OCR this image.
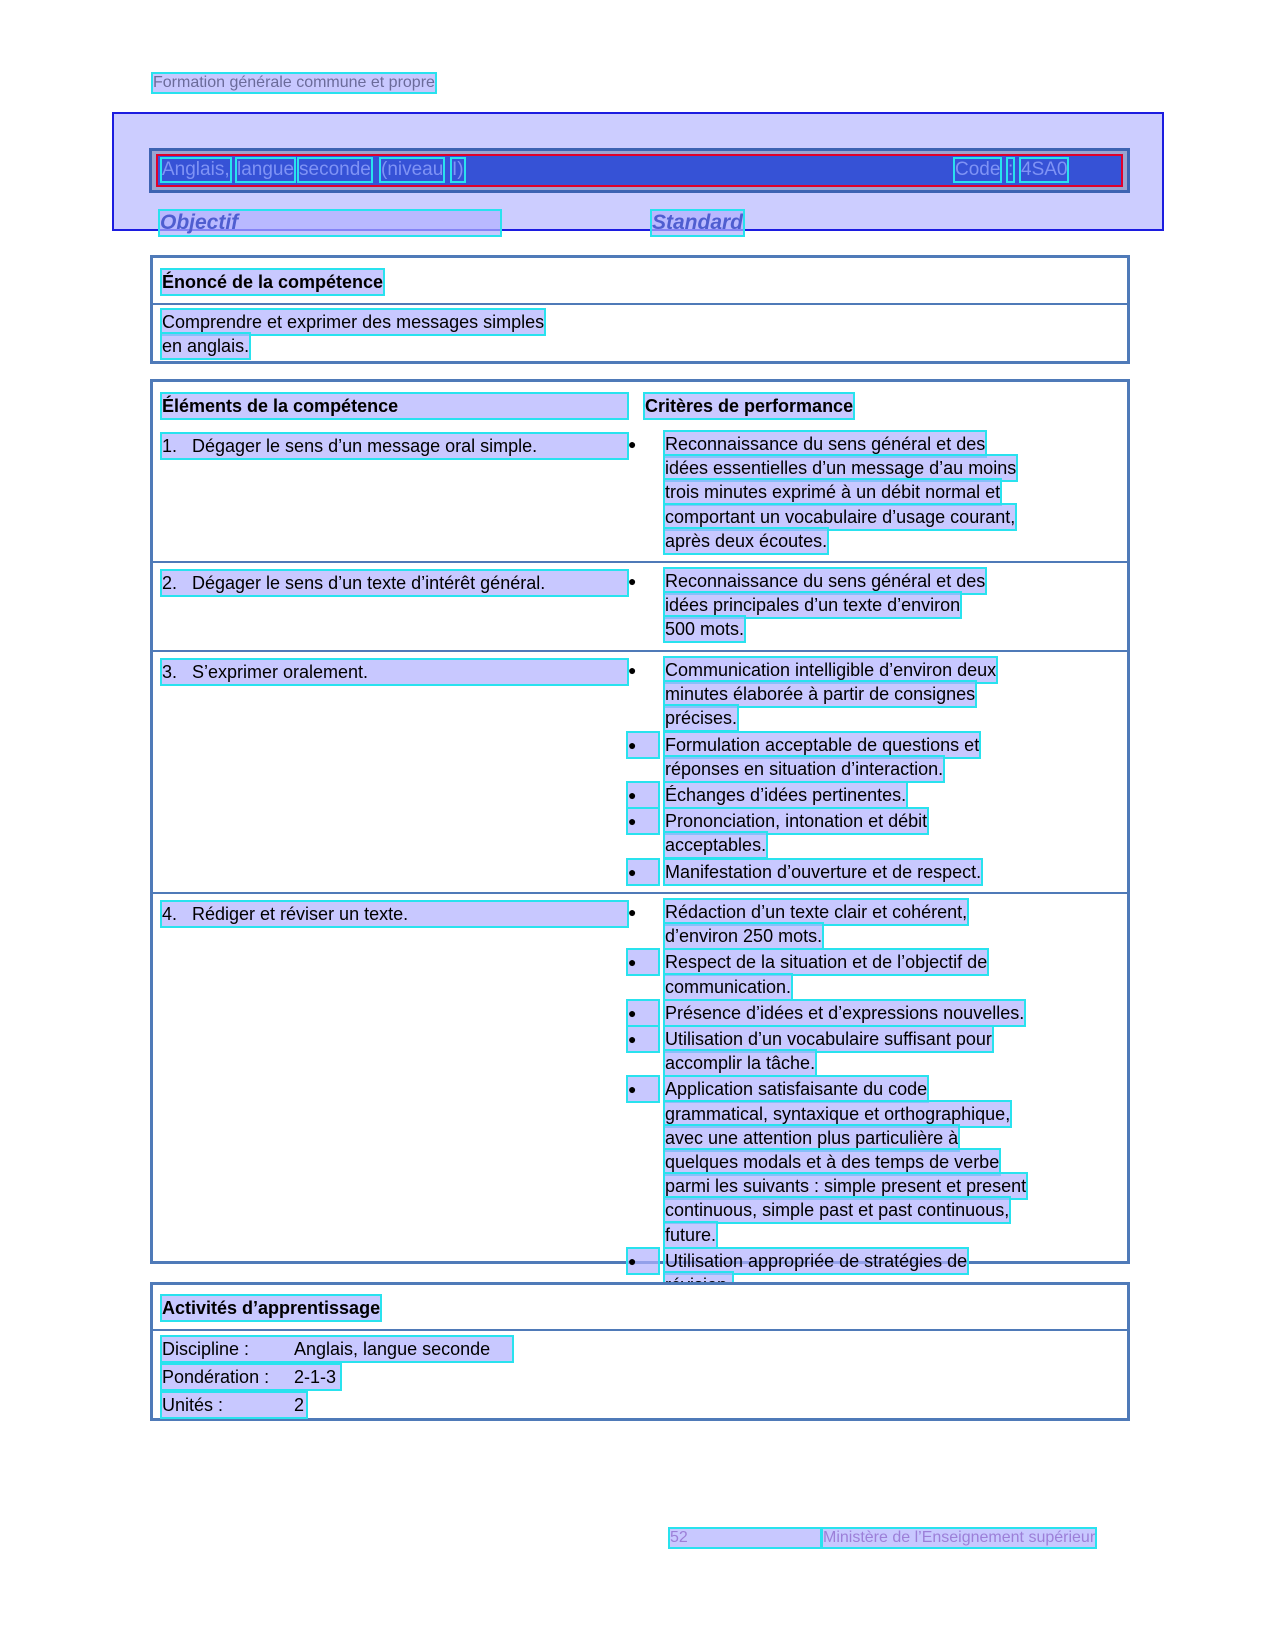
Formation générale commune et propre
Anglais, langue seconde (niveau I)	Code : 4SA0
Objectif	Standard
Énoncé de la compétence
Comprendre et exprimer des messages simples
en anglais.
Éléments de la compétence	Critères de performance
1. Dégager le sens d’un message oral simple.	● Reconnaissance du sens général et des
idées essentielles d’un message d’au moins
trois minutes exprimé à un débit normal et
comportant un vocabulaire d’usage courant,
après deux écoutes.
2. Dégager le sens d’un texte d’intérêt général.	● Reconnaissance du sens général et des
idées principales d’un texte d’environ
500 mots.
3. S’exprimer oralement.	● Communication intelligible d’environ deux
minutes élaborée à partir de consignes
précises.
●	Formulation acceptable de questions et
réponses en situation d’interaction.
●	Échanges d’idées pertinentes.
●	Prononciation, intonation et débit
acceptables.
●	Manifestation d’ouverture et de respect.
4. Rédiger et réviser un texte.	● Rédaction d’un texte clair et cohérent,
d’environ 250 mots.
●	Respect de la situation et de l’objectif de
communication.
●	Présence d’idées et d’expressions nouvelles.
●	Utilisation d’un vocabulaire suffisant pour
accomplir la tâche.
●	Application satisfaisante du code
grammatical, syntaxique et orthographique,
avec une attention plus particulière à
quelques modals et à des temps de verbe
parmi les suivants : simple present et present
continuous, simple past et past continuous,
future.
●	Utilisation appropriée de stratégies de
Activités d’apprentissage
Discipline : Anglais, langue seconde
Pondération : 2-1-3
Unités :	2
52	Ministère de l’Enseignement supérieur
